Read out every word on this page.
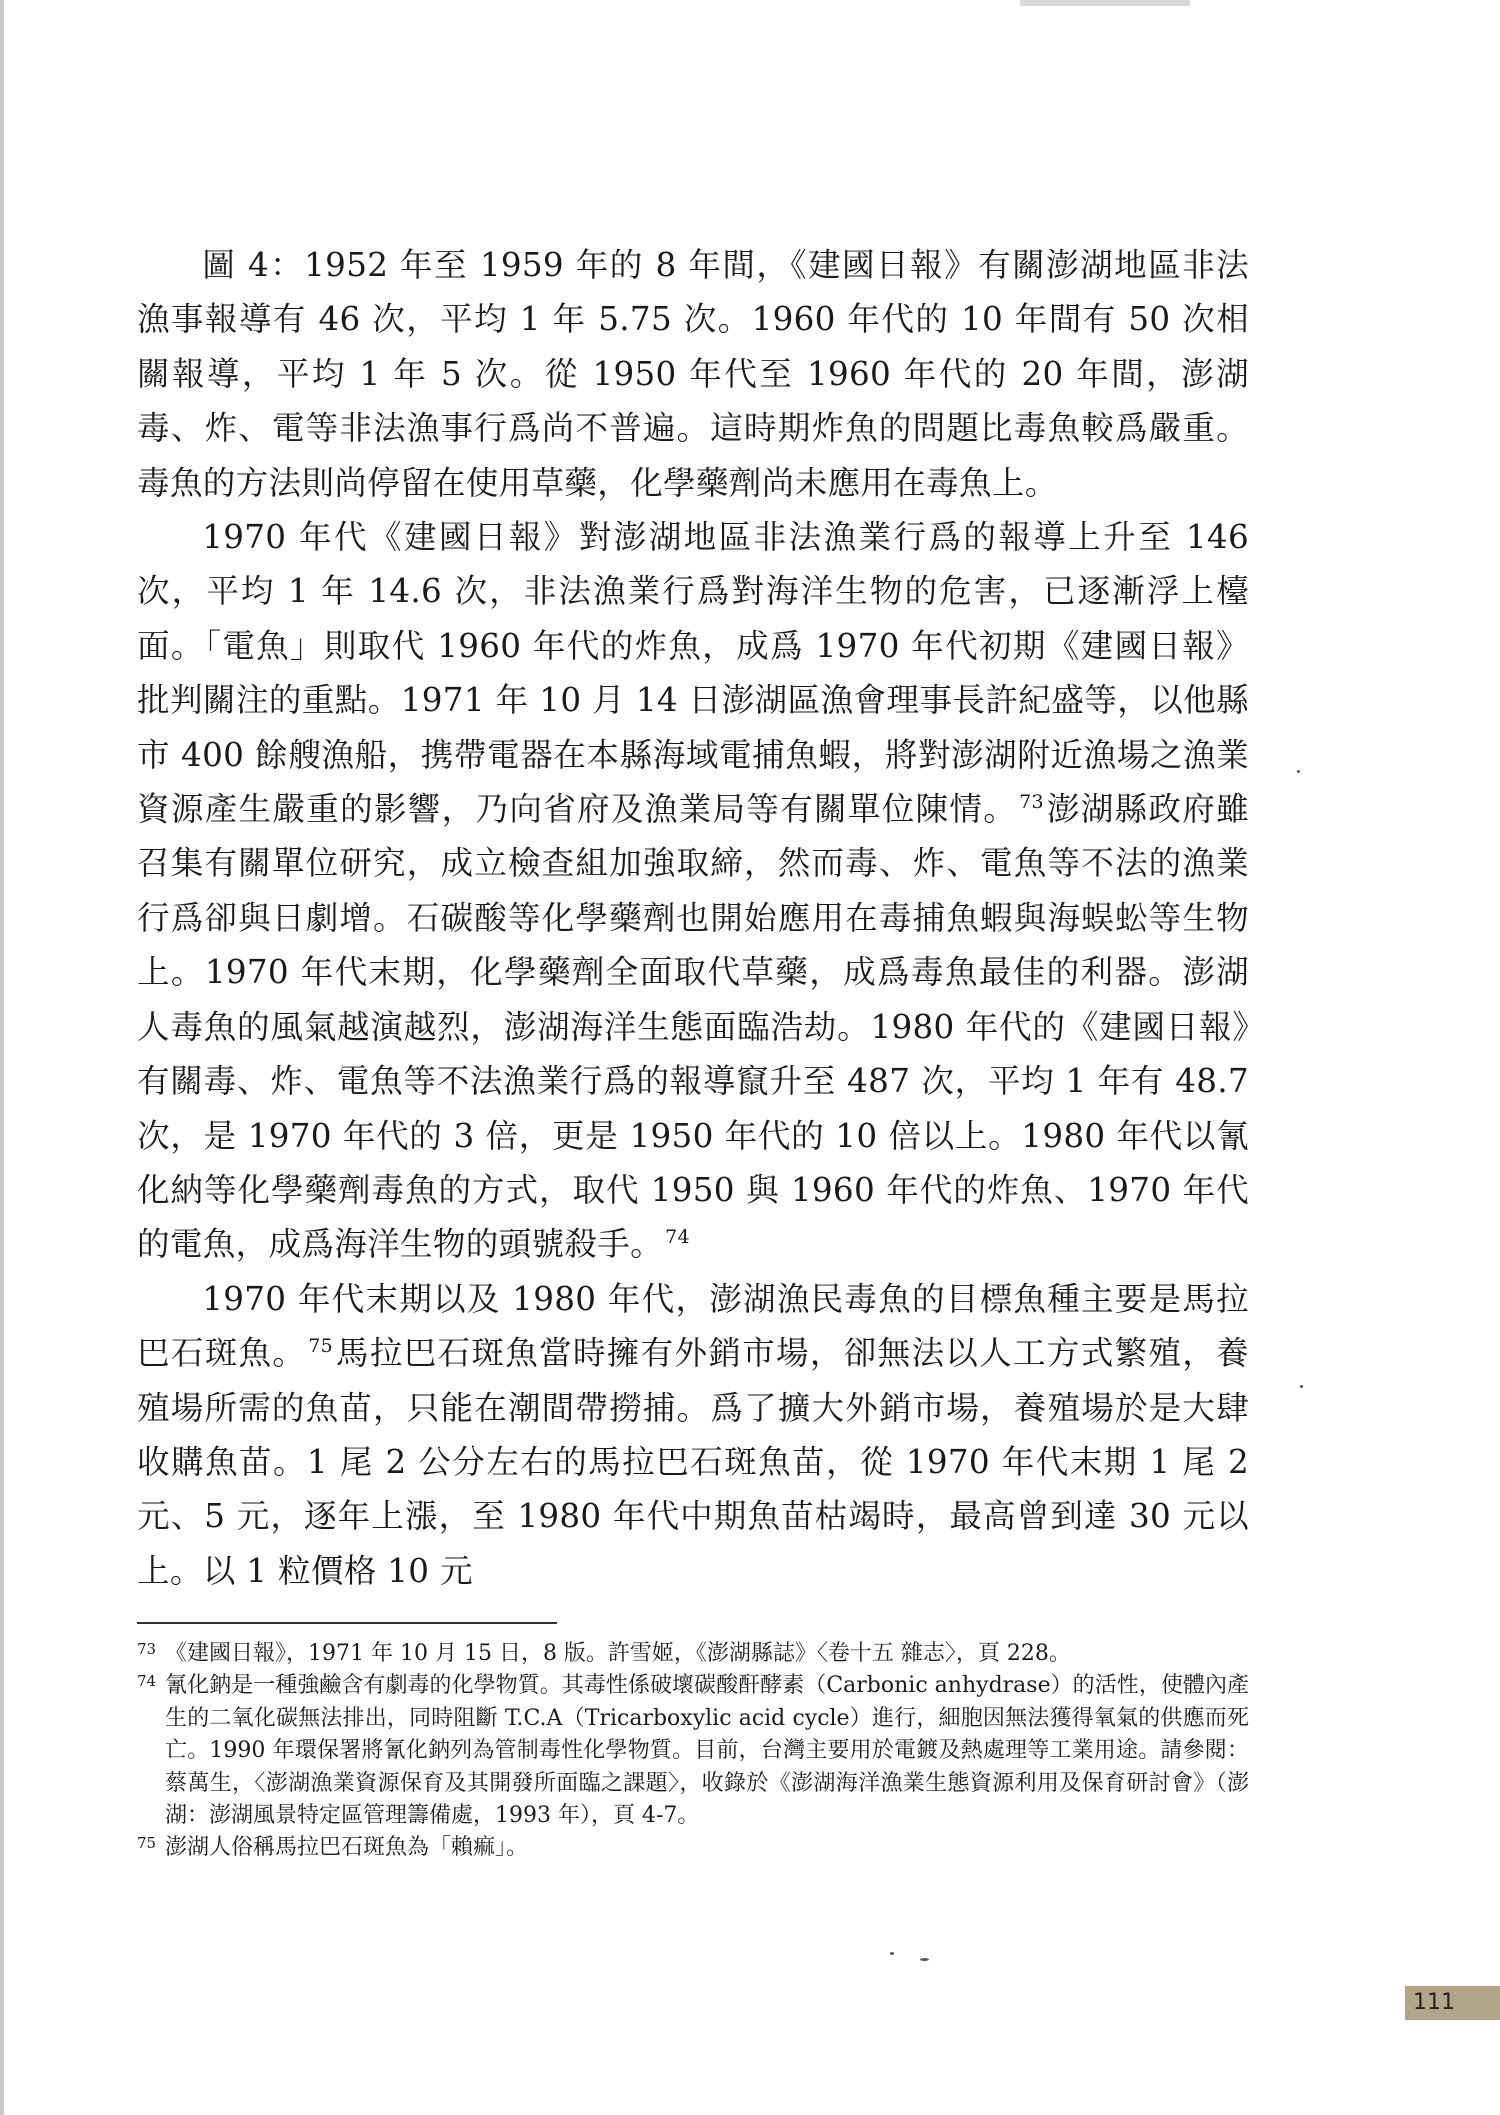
圖 4：1952 年至 1959 年的 8 年間，《建國日報》有關澎湖地區非法漁事報導有 46 次，平均 1 年 5.75 次。1960 年代的 10 年間有 50 次相關報導，平均 1 年 5 次。從 1950 年代至 1960 年代的 20 年間，澎湖毒、炸、電等非法漁事行爲尚不普遍。這時期炸魚的問題比毒魚較爲嚴重。毒魚的方法則尚停留在使用草藥，化學藥劑尚未應用在毒魚上。

1970 年代《建國日報》對澎湖地區非法漁業行爲的報導上升至 146 次，平均 1 年 14.6 次，非法漁業行爲對海洋生物的危害，已逐漸浮上檯面。「電魚」則取代 1960 年代的炸魚，成爲 1970 年代初期《建國日報》批判關注的重點。1971 年 10 月 14 日澎湖區漁會理事長許紀盛等，以他縣市 400 餘艘漁船，携帶電器在本縣海域電捕魚蝦，將對澎湖附近漁場之漁業資源產生嚴重的影響，乃向省府及漁業局等有關單位陳情。 $^{73}$澎湖縣政府雖召集有關單位研究，成立檢查組加強取締，然而毒、炸、電魚等不法的漁業行爲卻與日劇增。石碳酸等化學藥劑也開始應用在毒捕魚蝦與海蜈蚣等生物上。1970 年代末期，化學藥劑全面取代草藥，成爲毒魚最佳的利器。澎湖人毒魚的風氣越演越烈，澎湖海洋生態面臨浩劫。1980 年代的《建國日報》有關毒、炸、電魚等不法漁業行爲的報導竄升至 487 次，平均 1 年有 48.7 次，是 1970 年代的 3 倍，更是 1950 年代的 10 倍以上。1980 年代以氰化納等化學藥劑毒魚的方式，取代 1950 與 1960 年代的炸魚、1970 年代的電魚，成爲海洋生物的頭號殺手。 $^{74}$

1970 年代末期以及 1980 年代，澎湖漁民毒魚的目標魚種主要是馬拉巴石斑魚。 $^{75}$馬拉巴石斑魚當時擁有外銷市場，卻無法以人工方式繁殖，養殖場所需的魚苗，只能在潮間帶撈捕。爲了擴大外銷市場，養殖場於是大肆收購魚苗。1 尾 2 公分左右的馬拉巴石斑魚苗，從 1970 年代末期 1 尾 2 元、5 元，逐年上漲，至 1980 年代中期魚苗枯竭時，最高曾到達 30 元以上。以 1 粒價格 10 元

73 《建國日報》，1971 年 10 月 15 日，8 版。許雪姬，《澎湖縣誌》〈卷十五 雜志〉，頁 228。
74 氰化鈉是一種強鹼含有劇毒的化學物質。其毒性係破壞碳酸酐酵素（Carbonic anhydrase）的活性，使體內產生的二氧化碳無法排出，同時阻斷 T.C.A（Tricarboxylic acid cycle）進行，細胞因無法獲得氧氣的供應而死亡。1990 年環保署將氰化鈉列為管制毒性化學物質。目前，台灣主要用於電鍍及熱處理等工業用途。請參閱：蔡萬生，〈澎湖漁業資源保育及其開發所面臨之課題〉，收錄於《澎湖海洋漁業生態資源利用及保育研討會》（澎湖：澎湖風景特定區管理籌備處，1993 年），頁 4-7。
75 澎湖人俗稱馬拉巴石斑魚為「賴痲」。
111
